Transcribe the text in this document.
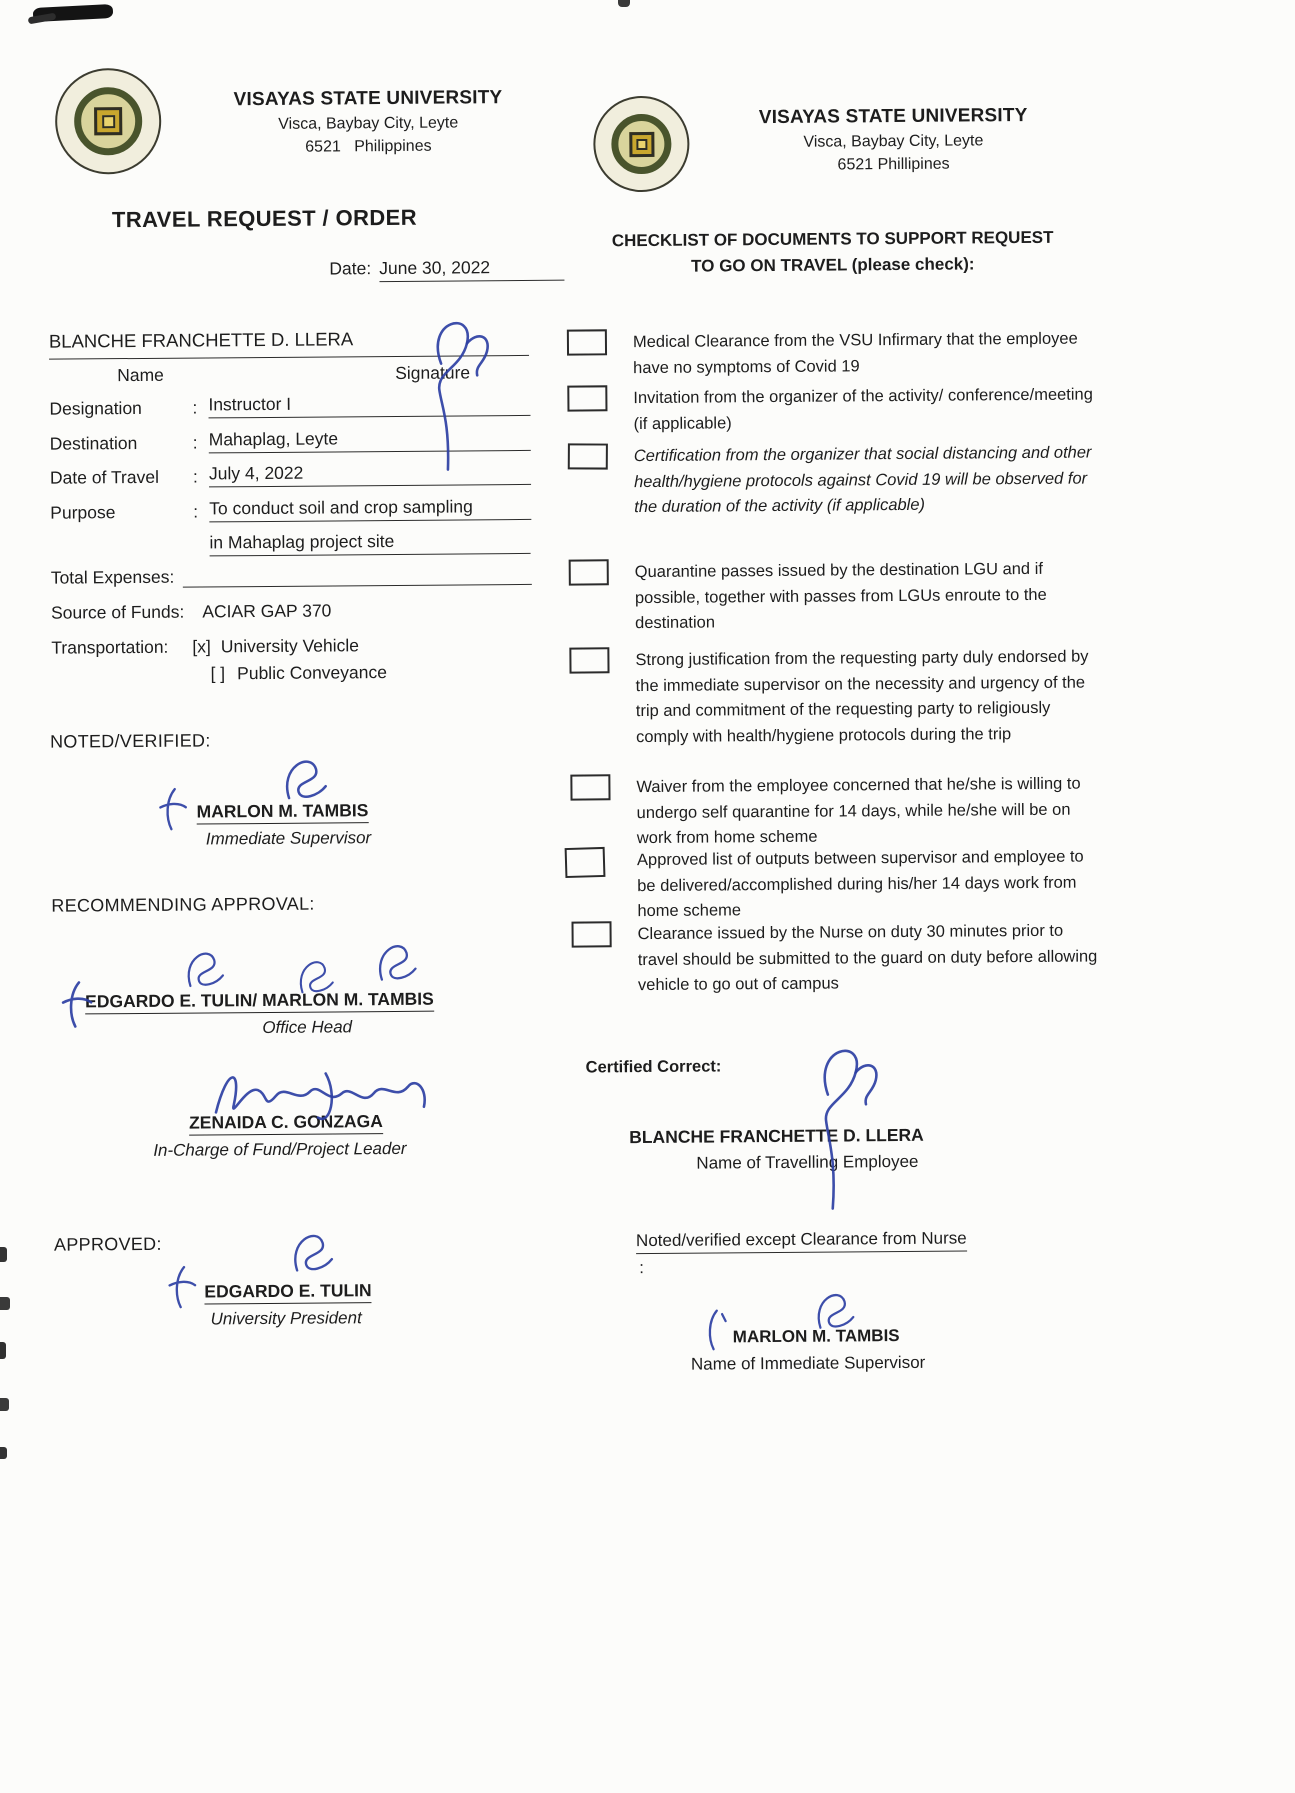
VISAYAS STATE UNIVERSITY
Visca, Baybay City, Leyte
6521   Philippines
TRAVEL REQUEST / ORDER
Date: June 30, 2022
BLANCHE FRANCHETTE D. LLERA
Name	Signature
Designation	: Instructor I
Destination	: Mahaplag, Leyte
Date of Travel	: July 4, 2022
Purpose	: To conduct soil and crop sampling
in Mahaplag project site
Total Expenses:
Source of Funds: ACIAR GAP 370
Transportation: [x] University Vehicle
[ ] Public Conveyance
NOTED/VERIFIED:
MARLON M. TAMBIS
Immediate Supervisor
RECOMMENDING APPROVAL:
EDGARDO E. TULIN/ MARLON M. TAMBIS
Office Head
ZENAIDA C. GONZAGA
In-Charge of Fund/Project Leader
APPROVED:
EDGARDO E. TULIN
University President
VISAYAS STATE UNIVERSITY
Visca, Baybay City, Leyte
6521 Phillipines
CHECKLIST OF DOCUMENTS TO SUPPORT REQUEST
TO GO ON TRAVEL (please check):
Medical Clearance from the VSU Infirmary that the employee have no symptoms of Covid 19
Invitation from the organizer of the activity/ conference/meeting (if applicable)
Certification from the organizer that social distancing and other health/hygiene protocols against Covid 19 will be observed for the duration of the activity (if applicable)
Quarantine passes issued by the destination LGU and if possible, together with passes from LGUs enroute to the destination
Strong justification from the requesting party duly endorsed by the immediate supervisor on the necessity and urgency of the trip and commitment of the requesting party to religiously comply with health/hygiene protocols during the trip
Waiver from the employee concerned that he/she is willing to undergo self quarantine for 14 days, while he/she will be on work from home scheme
Approved list of outputs between supervisor and employee to be delivered/accomplished during his/her 14 days work from home scheme
Clearance issued by the Nurse on duty 30 minutes prior to travel should be submitted to the guard on duty before allowing vehicle to go out of campus
Certified Correct:
BLANCHE FRANCHETTE D. LLERA
Name of Travelling Employee
Noted/verified except Clearance from Nurse
:
MARLON M. TAMBIS
Name of Immediate Supervisor
